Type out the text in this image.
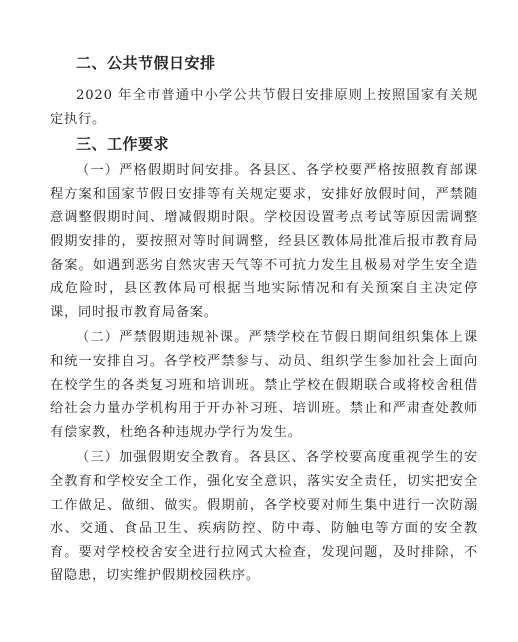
二、公共节假日安排

2020 年全市普通中小学公共节假日安排原则上按照国家有关规定执行。

三、工作要求

（一）严格假期时间安排。各县区、各学校要严格按照教育部课程方案和国家节假日安排等有关规定要求，安排好放假时间，严禁随意调整假期时间、增减假期时限。学校因设置考点考试等原因需调整假期安排的，要按照对等时间调整，经县区教体局批准后报市教育局备案。如遇到恶劣自然灾害天气等不可抗力发生且极易对学生安全造成危险时，县区教体局可根据当地实际情况和有关预案自主决定停课，同时报市教育局备案。

（二）严禁假期违规补课。严禁学校在节假日期间组织集体上课和统一安排自习。各学校严禁参与、动员、组织学生参加社会上面向在校学生的各类复习班和培训班。禁止学校在假期联合或将校舍租借给社会力量办学机构用于开办补习班、培训班。禁止和严肃查处教师有偿家教，杜绝各种违规办学行为发生。

（三）加强假期安全教育。各县区、各学校要高度重视学生的安全教育和学校安全工作，强化安全意识，落实安全责任，切实把安全工作做足、做细、做实。假期前，各学校要对师生集中进行一次防溺水、交通、食品卫生、疾病防控、防中毒、防触电等方面的安全教育。要对学校校舍安全进行拉网式大检查，发现问题，及时排除，不留隐患，切实维护假期校园秩序。
